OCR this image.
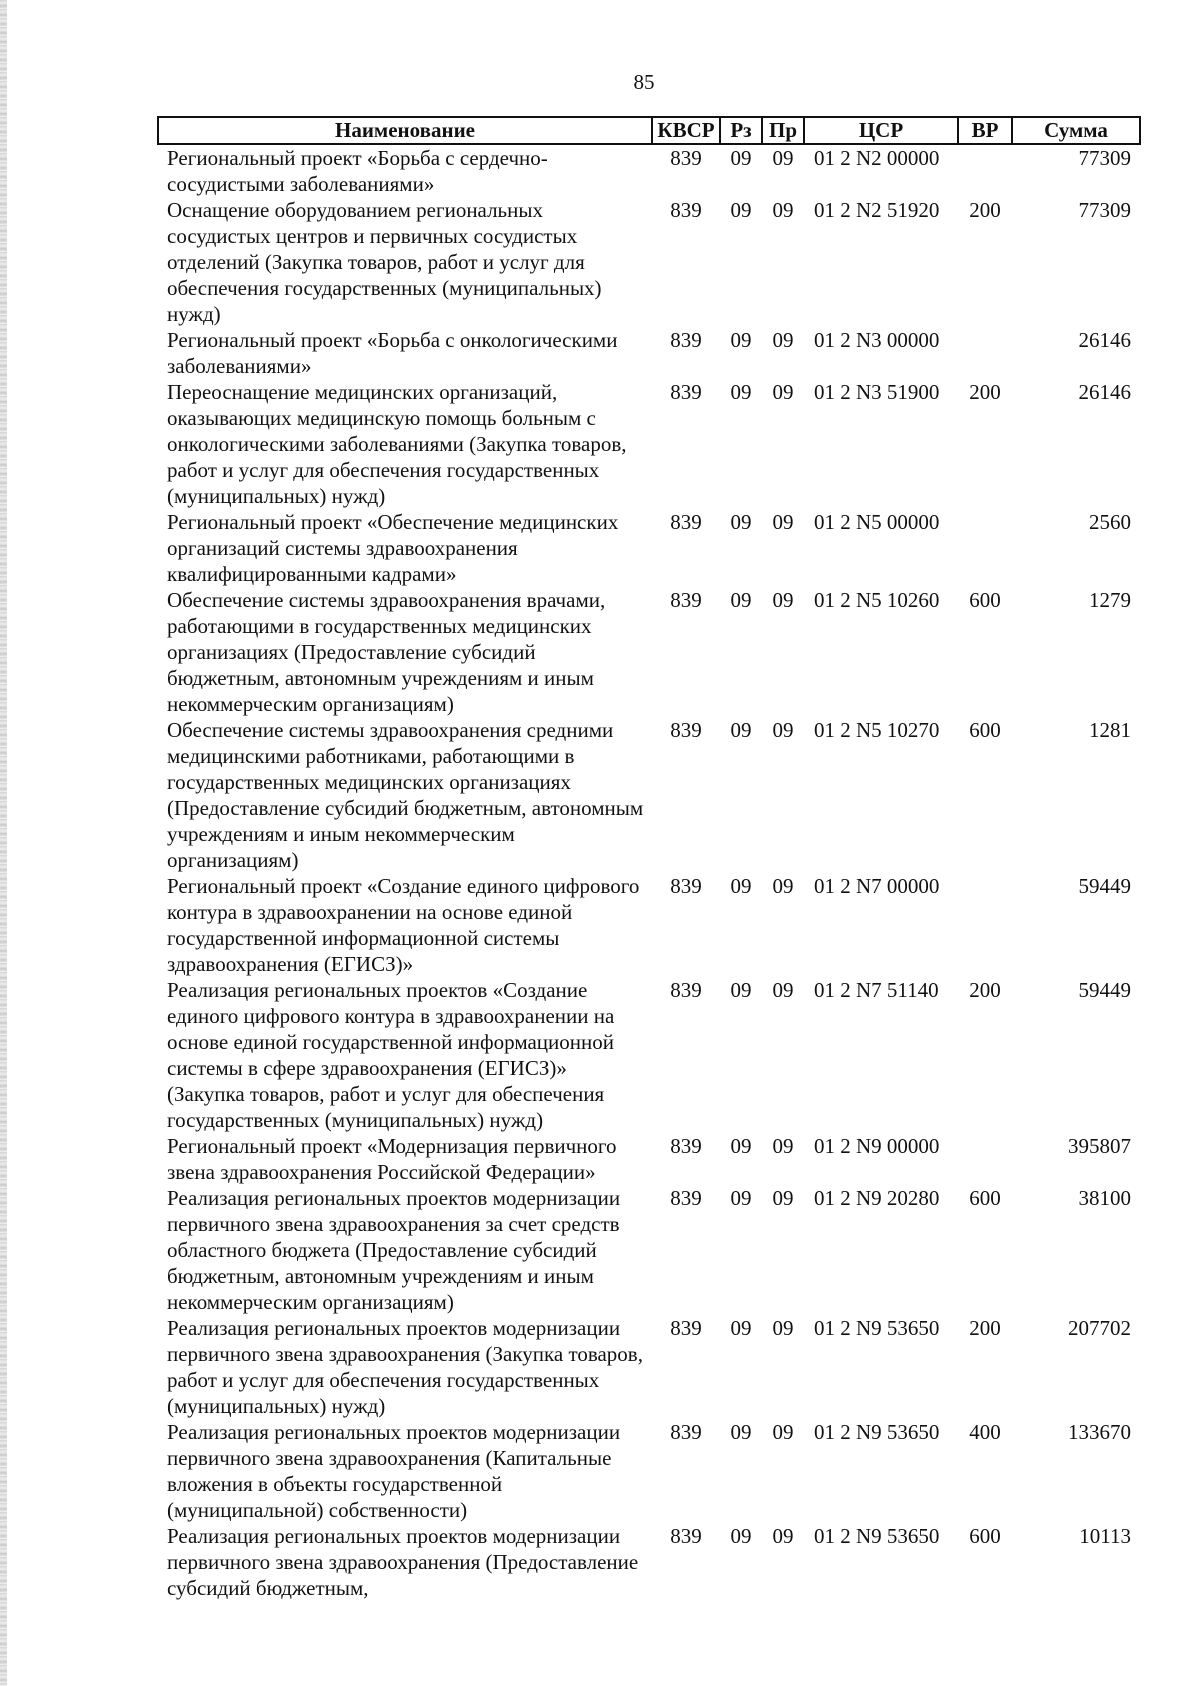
85
Наименование	КВСР	Рз	Пр	ЦСР	ВР	Сумма
Региональный проект «Борьба с сердечно-сосудистыми заболеваниями»	839	09	09	01 2 N2 00000		77309
Оснащение оборудованием региональных сосудистых центров и первичных сосудистых отделений (Закупка товаров, работ и услуг для обеспечения государственных (муниципальных) нужд)	839	09	09	01 2 N2 51920	200	77309
Региональный проект «Борьба с онкологическими заболеваниями»	839	09	09	01 2 N3 00000		26146
Переоснащение медицинских организаций, оказывающих медицинскую помощь больным с онкологическими заболеваниями (Закупка товаров, работ и услуг для обеспечения государственных (муниципальных) нужд)	839	09	09	01 2 N3 51900	200	26146
Региональный проект «Обеспечение медицинских организаций системы здравоохранения квалифицированными кадрами»	839	09	09	01 2 N5 00000		2560
Обеспечение системы здравоохранения врачами, работающими в государственных медицинских организациях (Предоставление субсидий бюджетным, автономным учреждениям и иным некоммерческим организациям)	839	09	09	01 2 N5 10260	600	1279
Обеспечение системы здравоохранения средними медицинскими работниками, работающими в государственных медицинских организациях (Предоставление субсидий бюджетным, автономным учреждениям и иным некоммерческим организациям)	839	09	09	01 2 N5 10270	600	1281
Региональный проект «Создание единого цифрового контура в здравоохранении на основе единой государственной информационной системы здравоохранения (ЕГИСЗ)»	839	09	09	01 2 N7 00000		59449
Реализация региональных проектов «Создание единого цифрового контура в здравоохранении на основе единой государственной информационной системы в сфере здравоохранения (ЕГИСЗ)» (Закупка товаров, работ и услуг для обеспечения государственных (муниципальных) нужд)	839	09	09	01 2 N7 51140	200	59449
Региональный проект «Модернизация первичного звена здравоохранения Российской Федерации»	839	09	09	01 2 N9 00000		395807
Реализация региональных проектов модернизации первичного звена здравоохранения за счет средств областного бюджета (Предоставление субсидий бюджетным, автономным учреждениям и иным некоммерческим организациям)	839	09	09	01 2 N9 20280	600	38100
Реализация региональных проектов модернизации первичного звена здравоохранения (Закупка товаров, работ и услуг для обеспечения государственных (муниципальных) нужд)	839	09	09	01 2 N9 53650	200	207702
Реализация региональных проектов модернизации первичного звена здравоохранения (Капитальные вложения в объекты государственной (муниципальной) собственности)	839	09	09	01 2 N9 53650	400	133670
Реализация региональных проектов модернизации первичного звена здравоохранения (Предоставление субсидий бюджетным,	839	09	09	01 2 N9 53650	600	10113
